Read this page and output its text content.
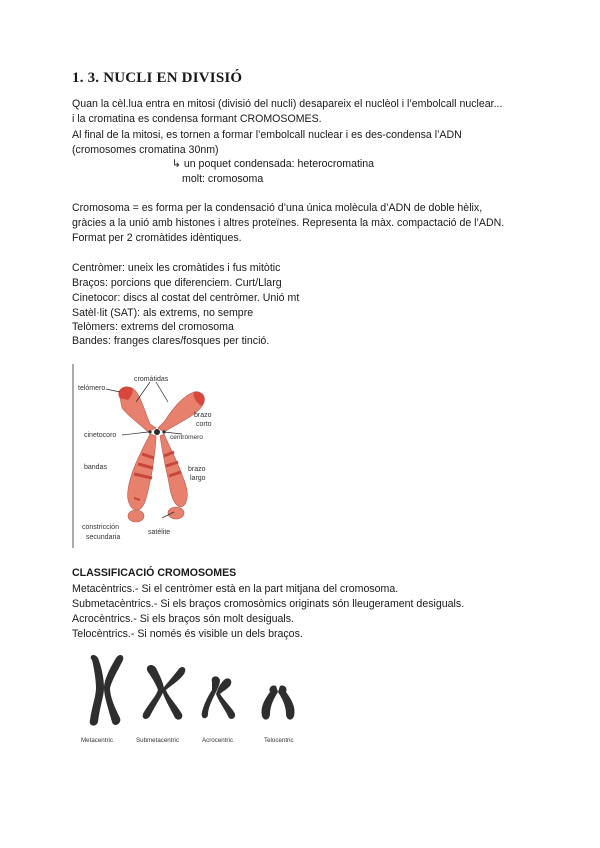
1. 3. NUCLI EN DIVISIÓ
Quan la cèl.lua entra en mitosi (divisió del nucli) desapareix el nuclèol i l’embolcall nuclear...
i la cromatina es condensa formant CROMOSOMES.
Al final de la mitosi, es tornen a formar l’embolcall nuclear i es des-condensa l’ADN
(cromosomes cromatina 30nm)
↳ un poquet condensada: heterocromatina
molt: cromosoma
Cromosoma = es forma per la condensació d’una única molècula d’ADN de doble hèlix,
gràcies a la unió amb histones i altres proteïnes. Representa la màx. compactació de l’ADN.
Format per 2 cromàtides idèntiques.
Centròmer: uneix les cromàtides i fus mitòtic
Braços: porcions que diferenciem. Curt/Llarg
Cinetocor: discs al costat del centròmer. Unió mt
Satèl·lit (SAT): als extrems, no sempre
Telòmers: extrems del cromosoma
Bandes: franges clares/fosques per tinció.
cromátidas
telómero
brazo
corto
cinetocoro	centrómero
bandas	brazo
largo
constricción
secundaria
satélite
CLASSIFICACIÓ CROMOSOMES
Metacèntrics.- Si el centròmer està en la part mitjana del cromosoma.
Submetacèntrics.- Si els braços cromosòmics originats són lleugerament desiguals.
Acrocèntrics.- Si els braços són molt desiguals.
Telocèntrics.- Si només és visible un dels braços.
Metacentric	Submetacentric	Acrocentric	Telocentric
